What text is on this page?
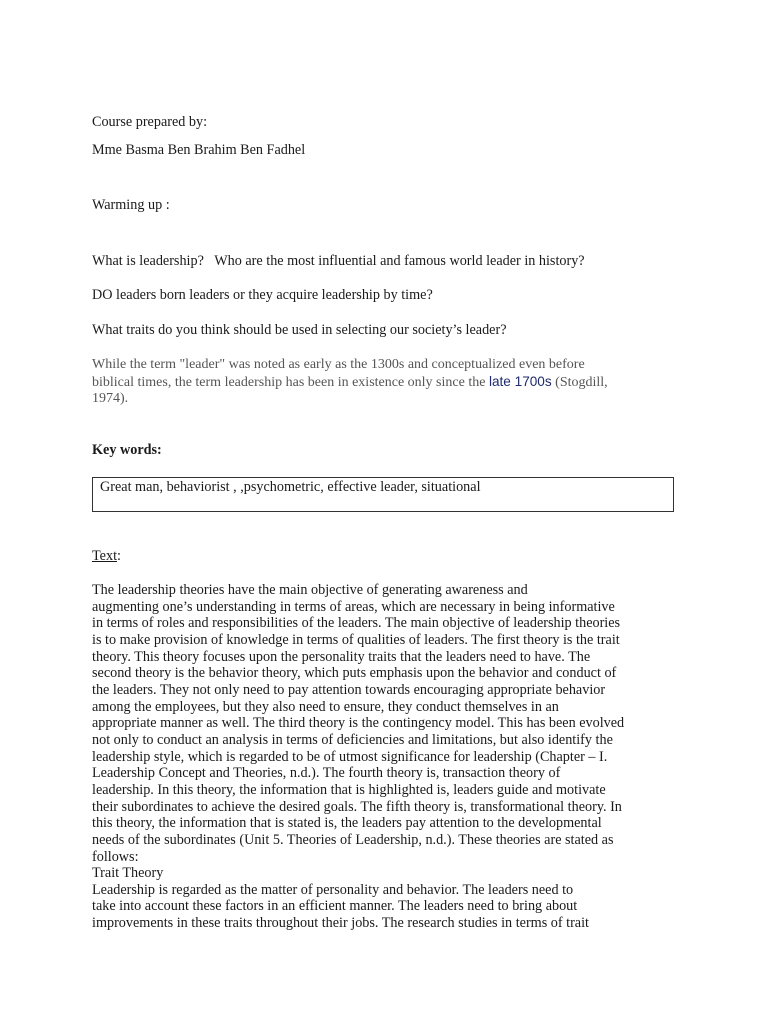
Course prepared by:

Mme Basma Ben Brahim Ben Fadhel

Warming up :

What is leadership?   Who are the most influential and famous world leader in history?

DO leaders born leaders or they acquire leadership by time?

What traits do you think should be used in selecting our society’s leader?

While the term "leader" was noted as early as the 1300s and conceptualized even before
biblical times, the term leadership has been in existence only since the late 1700s (Stogdill,
1974).

Key words:

Great man, behaviorist , ,psychometric, effective leader, situational

Text:

The leadership theories have the main objective of generating awareness and
augmenting one’s understanding in terms of areas, which are necessary in being informative
in terms of roles and responsibilities of the leaders. The main objective of leadership theories
is to make provision of knowledge in terms of qualities of leaders. The first theory is the trait
theory. This theory focuses upon the personality traits that the leaders need to have. The
second theory is the behavior theory, which puts emphasis upon the behavior and conduct of
the leaders. They not only need to pay attention towards encouraging appropriate behavior
among the employees, but they also need to ensure, they conduct themselves in an
appropriate manner as well. The third theory is the contingency model. This has been evolved
not only to conduct an analysis in terms of deficiencies and limitations, but also identify the
leadership style, which is regarded to be of utmost significance for leadership (Chapter – I.
Leadership Concept and Theories, n.d.). The fourth theory is, transaction theory of
leadership. In this theory, the information that is highlighted is, leaders guide and motivate
their subordinates to achieve the desired goals. The fifth theory is, transformational theory. In
this theory, the information that is stated is, the leaders pay attention to the developmental
needs of the subordinates (Unit 5. Theories of Leadership, n.d.). These theories are stated as
follows:
Trait Theory
Leadership is regarded as the matter of personality and behavior. The leaders need to
take into account these factors in an efficient manner. The leaders need to bring about
improvements in these traits throughout their jobs. The research studies in terms of trait
